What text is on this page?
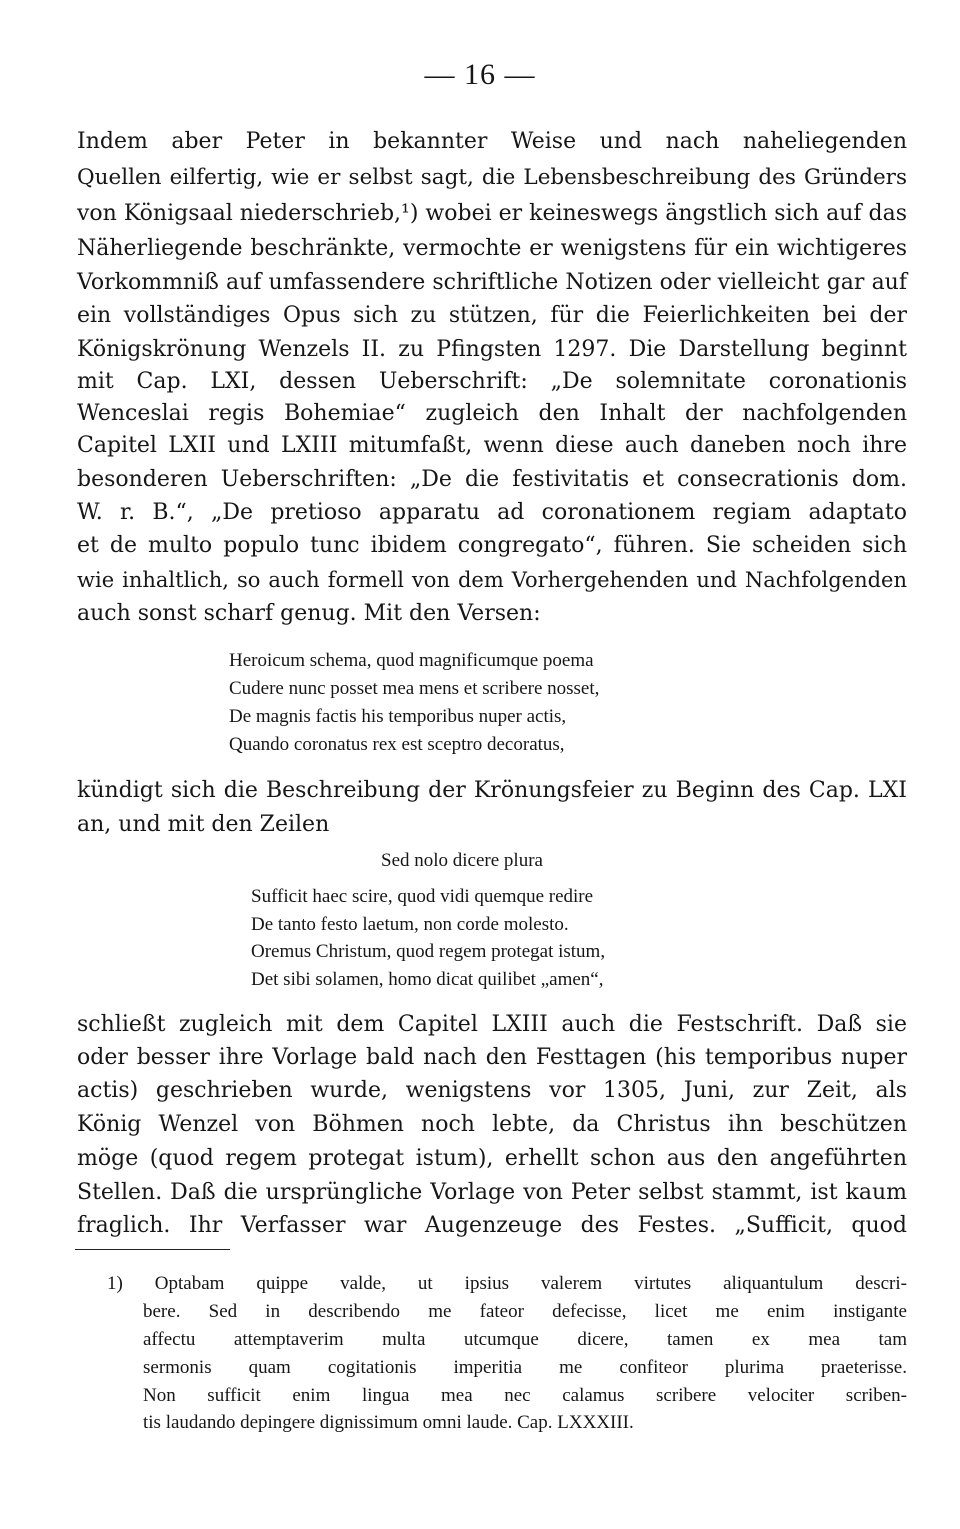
— 16 —
Indem aber Peter in bekannter Weise und nach naheliegenden
Quellen eilfertig, wie er selbst sagt, die Lebensbeschreibung des Gründers
von Königsaal niederschrieb,¹) wobei er keineswegs ängstlich sich auf das
Näherliegende beschränkte, vermochte er wenigstens für ein wichtigeres
Vorkommniß auf umfassendere schriftliche Notizen oder vielleicht gar auf
ein vollständiges Opus sich zu stützen, für die Feierlichkeiten bei der
Königskrönung Wenzels II. zu Pfingsten 1297. Die Darstellung beginnt
mit Cap. LXI, dessen Ueberschrift: „De solemnitate coronationis
Wenceslai regis Bohemiae“ zugleich den Inhalt der nachfolgenden
Capitel LXII und LXIII mitumfaßt, wenn diese auch daneben noch ihre
besonderen Ueberschriften: „De die festivitatis et consecrationis dom.
W. r. B.“, „De pretioso apparatu ad coronationem regiam adaptato
et de multo populo tunc ibidem congregato“, führen. Sie scheiden sich
wie inhaltlich, so auch formell von dem Vorhergehenden und Nachfolgenden
auch sonst scharf genug. Mit den Versen:
Heroicum schema, quod magnificumque poema
Cudere nunc posset mea mens et scribere nosset,
De magnis factis his temporibus nuper actis,
Quando coronatus rex est sceptro decoratus,
kündigt sich die Beschreibung der Krönungsfeier zu Beginn des Cap. LXI
an, und mit den Zeilen
Sed nolo dicere plura
Sufficit haec scire, quod vidi quemque redire
De tanto festo laetum, non corde molesto.
Oremus Christum, quod regem protegat istum,
Det sibi solamen, homo dicat quilibet „amen“,
schließt zugleich mit dem Capitel LXIII auch die Festschrift. Daß sie
oder besser ihre Vorlage bald nach den Festtagen (his temporibus nuper
actis) geschrieben wurde, wenigstens vor 1305, Juni, zur Zeit, als
König Wenzel von Böhmen noch lebte, da Christus ihn beschützen
möge (quod regem protegat istum), erhellt schon aus den angeführten
Stellen. Daß die ursprüngliche Vorlage von Peter selbst stammt, ist kaum
fraglich. Ihr Verfasser war Augenzeuge des Festes. „Sufficit, quod
1) Optabam quippe valde, ut ipsius valerem virtutes aliquantulum descri-
bere. Sed in describendo me fateor defecisse, licet me enim instigante
affectu attemptaverim multa utcumque dicere, tamen ex mea tam
sermonis quam cogitationis imperitia me confiteor plurima praeterisse.
Non sufficit enim lingua mea nec calamus scribere velociter scriben-
tis laudando depingere dignissimum omni laude. Cap. LXXXIII.
